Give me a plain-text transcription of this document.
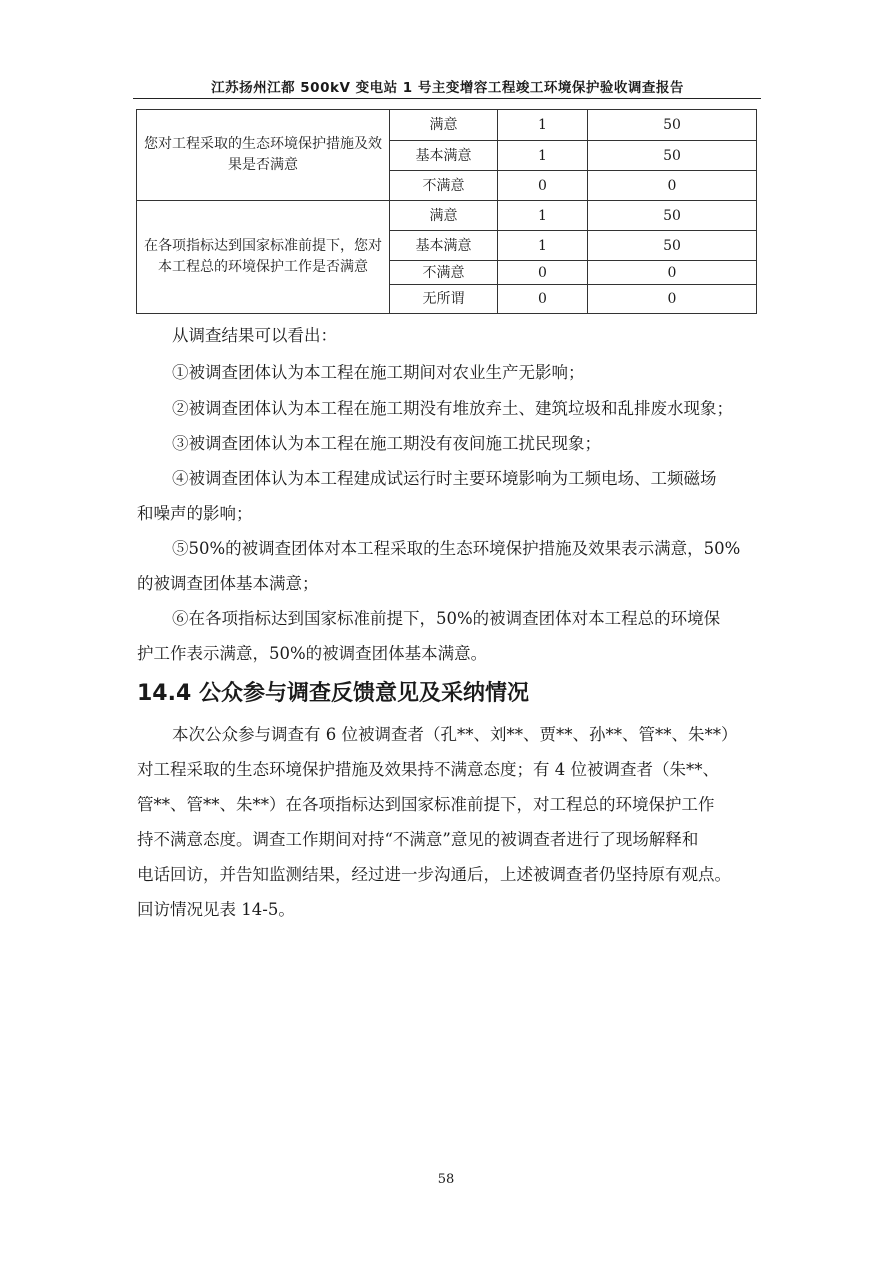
江苏扬州江都 500kV 变电站 1 号主变增容工程竣工环境保护验收调查报告
您对工程采取的生态环境保护措施及效果是否满意	满意	1	50
	基本满意	1	50
	不满意	0	0
在各项指标达到国家标准前提下，您对本工程总的环境保护工作是否满意	满意	1	50
	基本满意	1	50
	不满意	0	0
	无所谓	0	0
从调查结果可以看出：
①被调查团体认为本工程在施工期间对农业生产无影响；
②被调查团体认为本工程在施工期没有堆放弃土、建筑垃圾和乱排废水现象；
③被调查团体认为本工程在施工期没有夜间施工扰民现象；
④被调查团体认为本工程建成试运行时主要环境影响为工频电场、工频磁场
和噪声的影响；
⑤50%的被调查团体对本工程采取的生态环境保护措施及效果表示满意，50%
的被调查团体基本满意；
⑥在各项指标达到国家标准前提下，50%的被调查团体对本工程总的环境保
护工作表示满意，50%的被调查团体基本满意。
14.4 公众参与调查反馈意见及采纳情况
本次公众参与调查有 6 位被调查者（孔**、刘**、贾**、孙**、管**、朱**）
对工程采取的生态环境保护措施及效果持不满意态度；有 4 位被调查者（朱**、
管**、管**、朱**）在各项指标达到国家标准前提下，对工程总的环境保护工作
持不满意态度。调查工作期间对持“不满意”意见的被调查者进行了现场解释和
电话回访，并告知监测结果，经过进一步沟通后，上述被调查者仍坚持原有观点。
回访情况见表 14-5。
58
